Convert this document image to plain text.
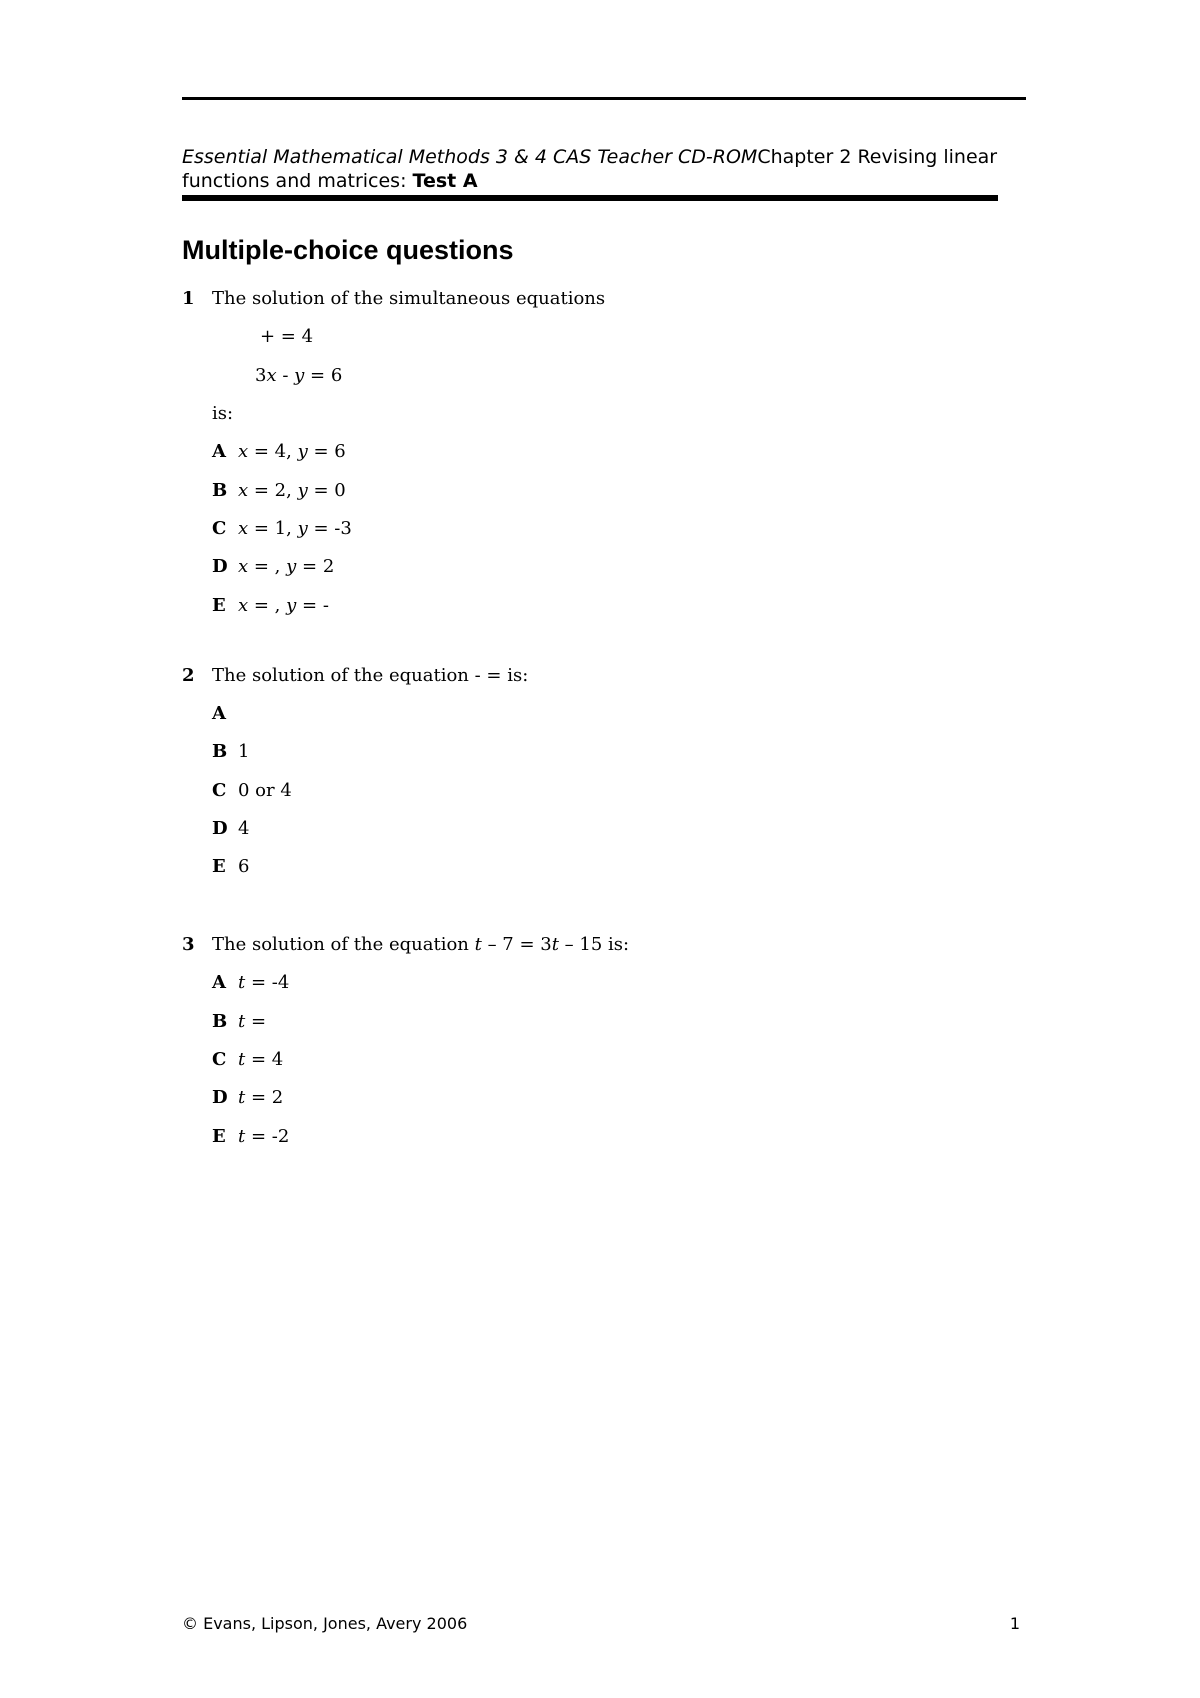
Essential Mathematical Methods 3 & 4 CAS Teacher CD-ROMChapter 2 Revising linear functions and matrices: Test A
Multiple-choice questions
1 The solution of the simultaneous equations
+ = 4
3x - y = 6
is:
A x = 4, y = 6
B x = 2, y = 0
C x = 1, y = -3
D x = , y = 2
E x = , y = -
2 The solution of the equation - = is:
A
B 1
C 0 or 4
D 4
E 6
3 The solution of the equation t – 7 = 3t – 15 is:
A t = -4
B t =
C t = 4
D t = 2
E t = -2
© Evans, Lipson, Jones, Avery 2006	1
